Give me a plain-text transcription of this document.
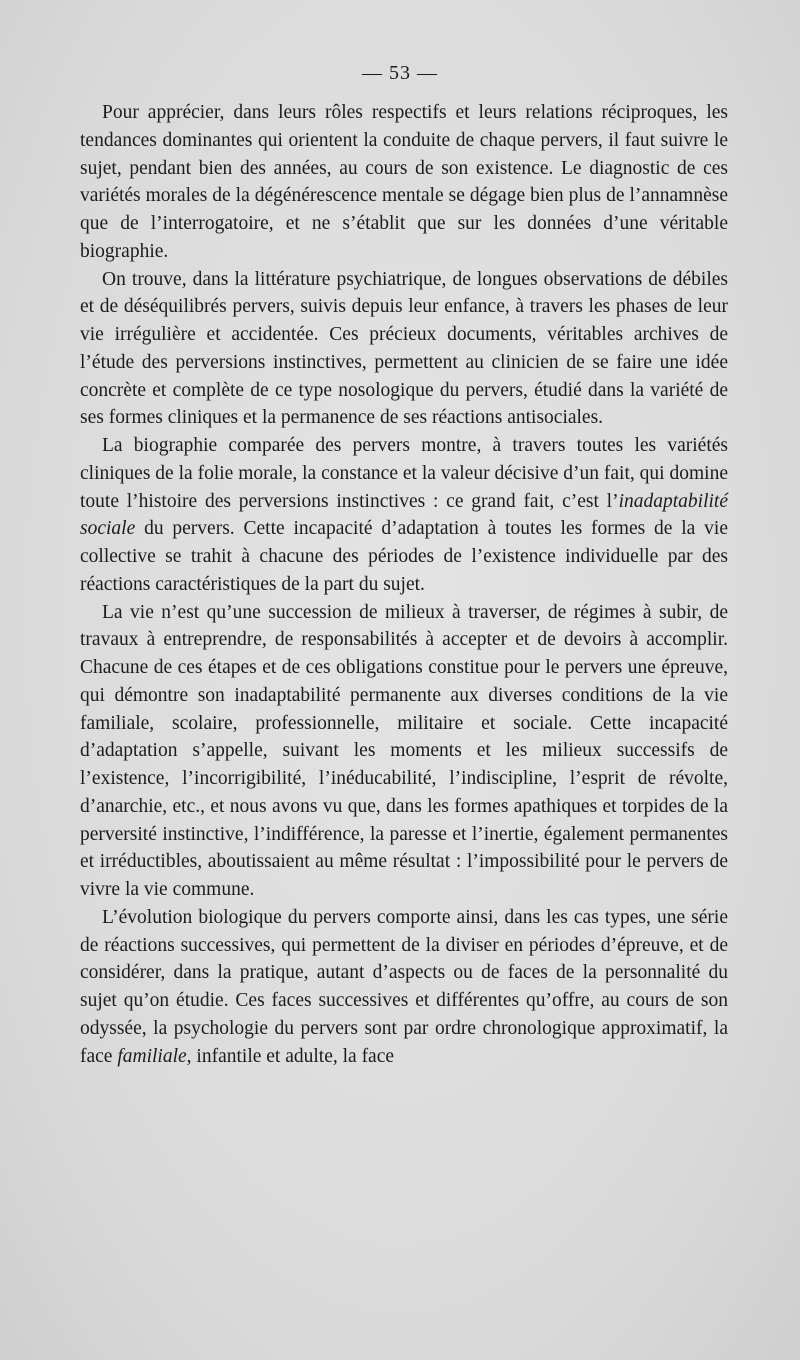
— 53 —

Pour apprécier, dans leurs rôles respectifs et leurs relations réciproques, les tendances dominantes qui orientent la conduite de chaque pervers, il faut suivre le sujet, pendant bien des années, au cours de son existence. Le diagnostic de ces variétés morales de la dégénérescence mentale se dégage bien plus de l’annamnèse que de l’interrogatoire, et ne s’établit que sur les données d’une véritable biographie.

On trouve, dans la littérature psychiatrique, de longues observations de débiles et de déséquilibrés pervers, suivis depuis leur enfance, à travers les phases de leur vie irrégulière et accidentée. Ces précieux documents, véritables archives de l’étude des perversions instinctives, permettent au clinicien de se faire une idée concrète et complète de ce type nosologique du pervers, étudié dans la variété de ses formes cliniques et la permanence de ses réactions antisociales.

La biographie comparée des pervers montre, à travers toutes les variétés cliniques de la folie morale, la constance et la valeur décisive d’un fait, qui domine toute l’histoire des perversions instinctives : ce grand fait, c’est l’inadaptabilité sociale du pervers. Cette incapacité d’adaptation à toutes les formes de la vie collective se trahit à chacune des périodes de l’existence individuelle par des réactions caractéristiques de la part du sujet.

La vie n’est qu’une succession de milieux à traverser, de régimes à subir, de travaux à entreprendre, de responsabilités à accepter et de devoirs à accomplir. Chacune de ces étapes et de ces obligations constitue pour le pervers une épreuve, qui démontre son inadaptabilité permanente aux diverses conditions de la vie familiale, scolaire, professionnelle, militaire et sociale. Cette incapacité d’adaptation s’appelle, suivant les moments et les milieux successifs de l’existence, l’incorrigibilité, l’inéducabilité, l’indiscipline, l’esprit de révolte, d’anarchie, etc., et nous avons vu que, dans les formes apathiques et torpides de la perversité instinctive, l’indifférence, la paresse et l’inertie, également permanentes et irréductibles, aboutissaient au même résultat : l’impossibilité pour le pervers de vivre la vie commune.

L’évolution biologique du pervers comporte ainsi, dans les cas types, une série de réactions successives, qui permettent de la diviser en périodes d’épreuve, et de considérer, dans la pratique, autant d’aspects ou de faces de la personnalité du sujet qu’on étudie. Ces faces successives et différentes qu’offre, au cours de son odyssée, la psychologie du pervers sont par ordre chronologique approximatif, la face familiale, infantile et adulte, la face
